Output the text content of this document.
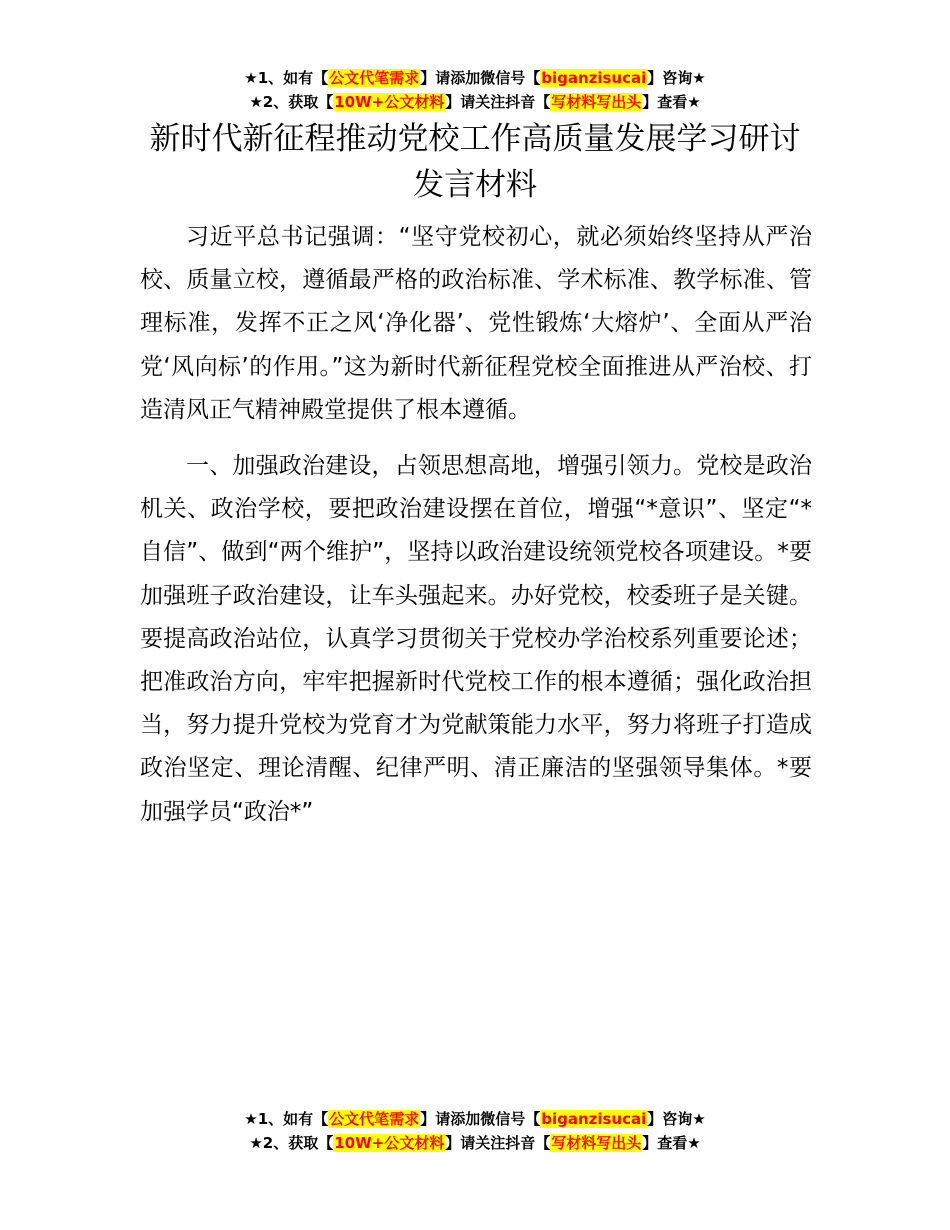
★1、如有【公文代笔需求】请添加微信号【biganzisucai】咨询★
★2、获取【10W+公文材料】请关注抖音【写材料写出头】查看★
新时代新征程推动党校工作高质量发展学习研讨发言材料

习近平总书记强调：“坚守党校初心，就必须始终坚持从严治校、质量立校，遵循最严格的政治标准、学术标准、教学标准、管理标准，发挥不正之风‘净化器’、党性锻炼‘大熔炉’、全面从严治党‘风向标’的作用。”这为新时代新征程党校全面推进从严治校、打造清风正气精神殿堂提供了根本遵循。

一、加强政治建设，占领思想高地，增强引领力。党校是政治机关、政治学校，要把政治建设摆在首位，增强“*意识”、坚定“*自信”、做到“两个维护”，坚持以政治建设统领党校各项建设。*要加强班子政治建设，让车头强起来。办好党校，校委班子是关键。要提高政治站位，认真学习贯彻关于党校办学治校系列重要论述；把准政治方向，牢牢把握新时代党校工作的根本遵循；强化政治担当，努力提升党校为党育才为党献策能力水平，努力将班子打造成政治坚定、理论清醒、纪律严明、清正廉洁的坚强领导集体。*要加强学员“政治*”

★1、如有【公文代笔需求】请添加微信号【biganzisucai】咨询★
★2、获取【10W+公文材料】请关注抖音【写材料写出头】查看★
